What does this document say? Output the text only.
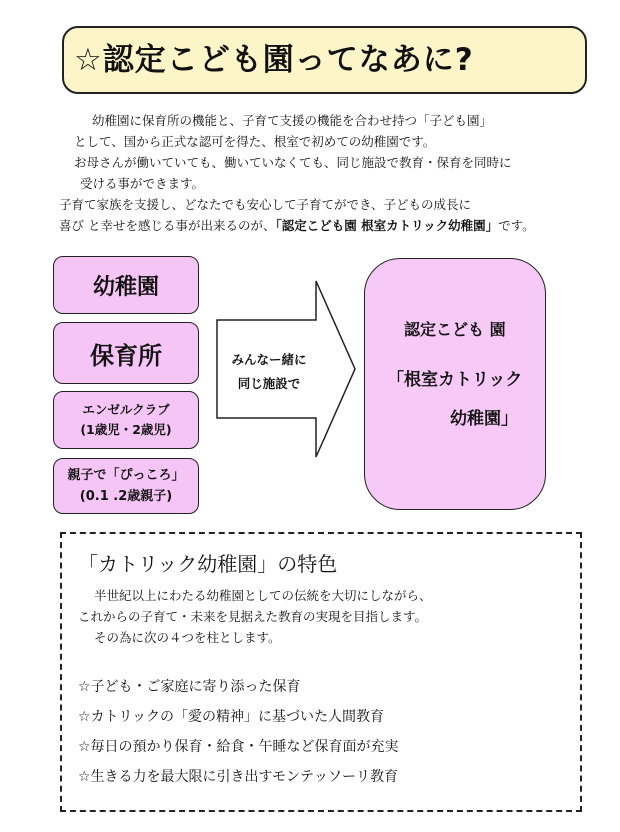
☆認定こども園ってなあに?
幼稚園に保育所の機能と、子育て支援の機能を合わせ持つ「子ども園」
として、国から正式な認可を得た、根室で初めての幼稚園です。
お母さんが働いていても、働いていなくても、同じ施設で教育・保育を同時に
受ける事ができます。
子育て家族を支援し、どなたでも安心して子育てができ、子どもの成長に
喜び と幸せを感じる事が出来るのが、「認定こども園 根室カトリック幼稚園」です。
幼稚園
保育所
エンゼルクラブ
(1歳児・2歳児)
親子で「ぴっころ」
(0.1 .2歳親子)
みんなー緒に
同じ施設で
認定こども 園
「根室カトリック
幼稚園」
「カトリック幼稚園」の特色
半世紀以上にわたる幼稚園としての伝統を大切にしながら、
これからの子育て・未来を見据えた教育の実現を目指します。
その為に次の４つを柱とします。
☆子ども・ご家庭に寄り添った保育
☆カトリックの「愛の精神」に基づいた人間教育
☆毎日の預かり保育・給食・午睡など保育面が充実
☆生きる力を最大限に引き出すモンテッソーリ教育
